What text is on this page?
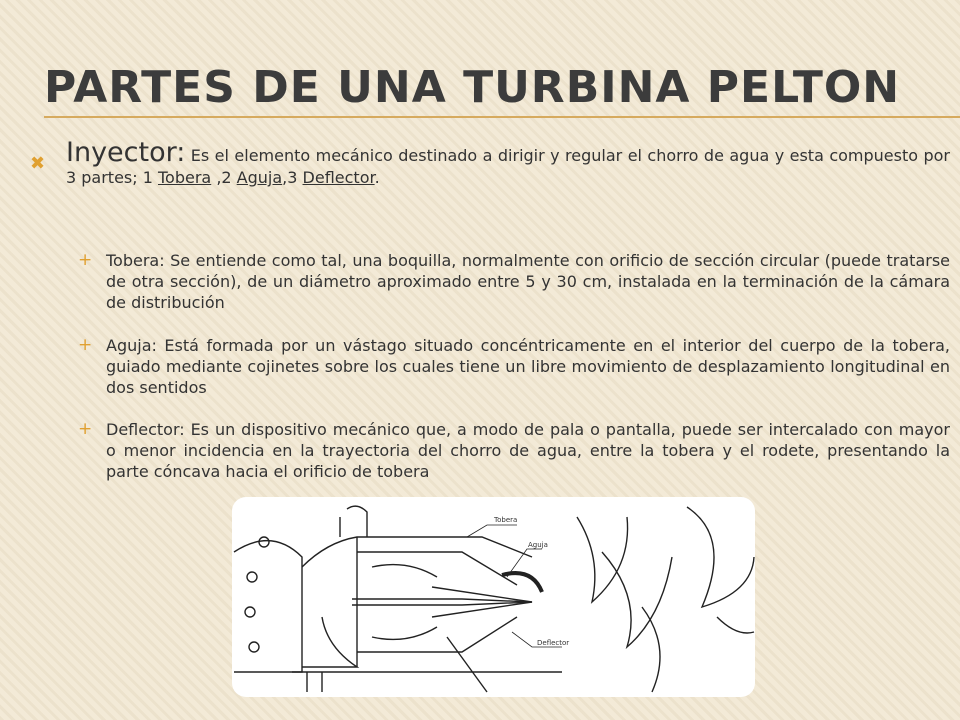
PARTES DE UNA TURBINA PELTON
✖ Inyector: Es el elemento mecánico destinado a dirigir y regular el chorro de agua y esta compuesto por 3 partes; 1 Tobera ,2 Aguja,3 Deflector.
+ Tobera: Se entiende como tal, una boquilla, normalmente con orificio de sección circular (puede tratarse de otra sección), de un diámetro aproximado entre 5 y 30 cm, instalada en la terminación de la cámara de distribución
+ Aguja: Está formada por un vástago situado concéntricamente en el interior del cuerpo de la tobera, guiado mediante cojinetes sobre los cuales tiene un libre movimiento de desplazamiento longitudinal en dos sentidos
+ Deflector: Es un dispositivo mecánico que, a modo de pala o pantalla, puede ser intercalado con mayor o menor incidencia en la trayectoria del chorro de agua, entre la tobera y el rodete, presentando la parte cóncava hacia el orificio de tobera
Tobera
Aguja
Deflector
